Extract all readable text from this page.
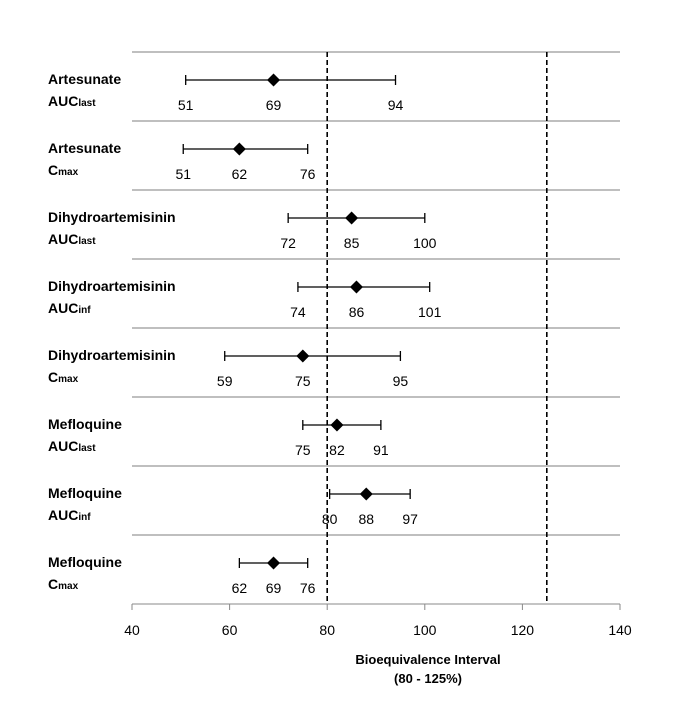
Artesunate
AUClast	51	69	94
Artesunate
Cmax	51	62	76
Dihydroartemisinin
AUClast	72	85	100
Dihydroartemisinin
AUCinf	74	86	101
Dihydroartemisinin
Cmax	59	75	95
Mefloquine
AUClast	75 82 91
Mefloquine
AUCinf	80 88 97
Mefloquine
Cmax	62 69 76
40	60	80	100	120	140
Bioequivalence Interval
(80 - 125%)
